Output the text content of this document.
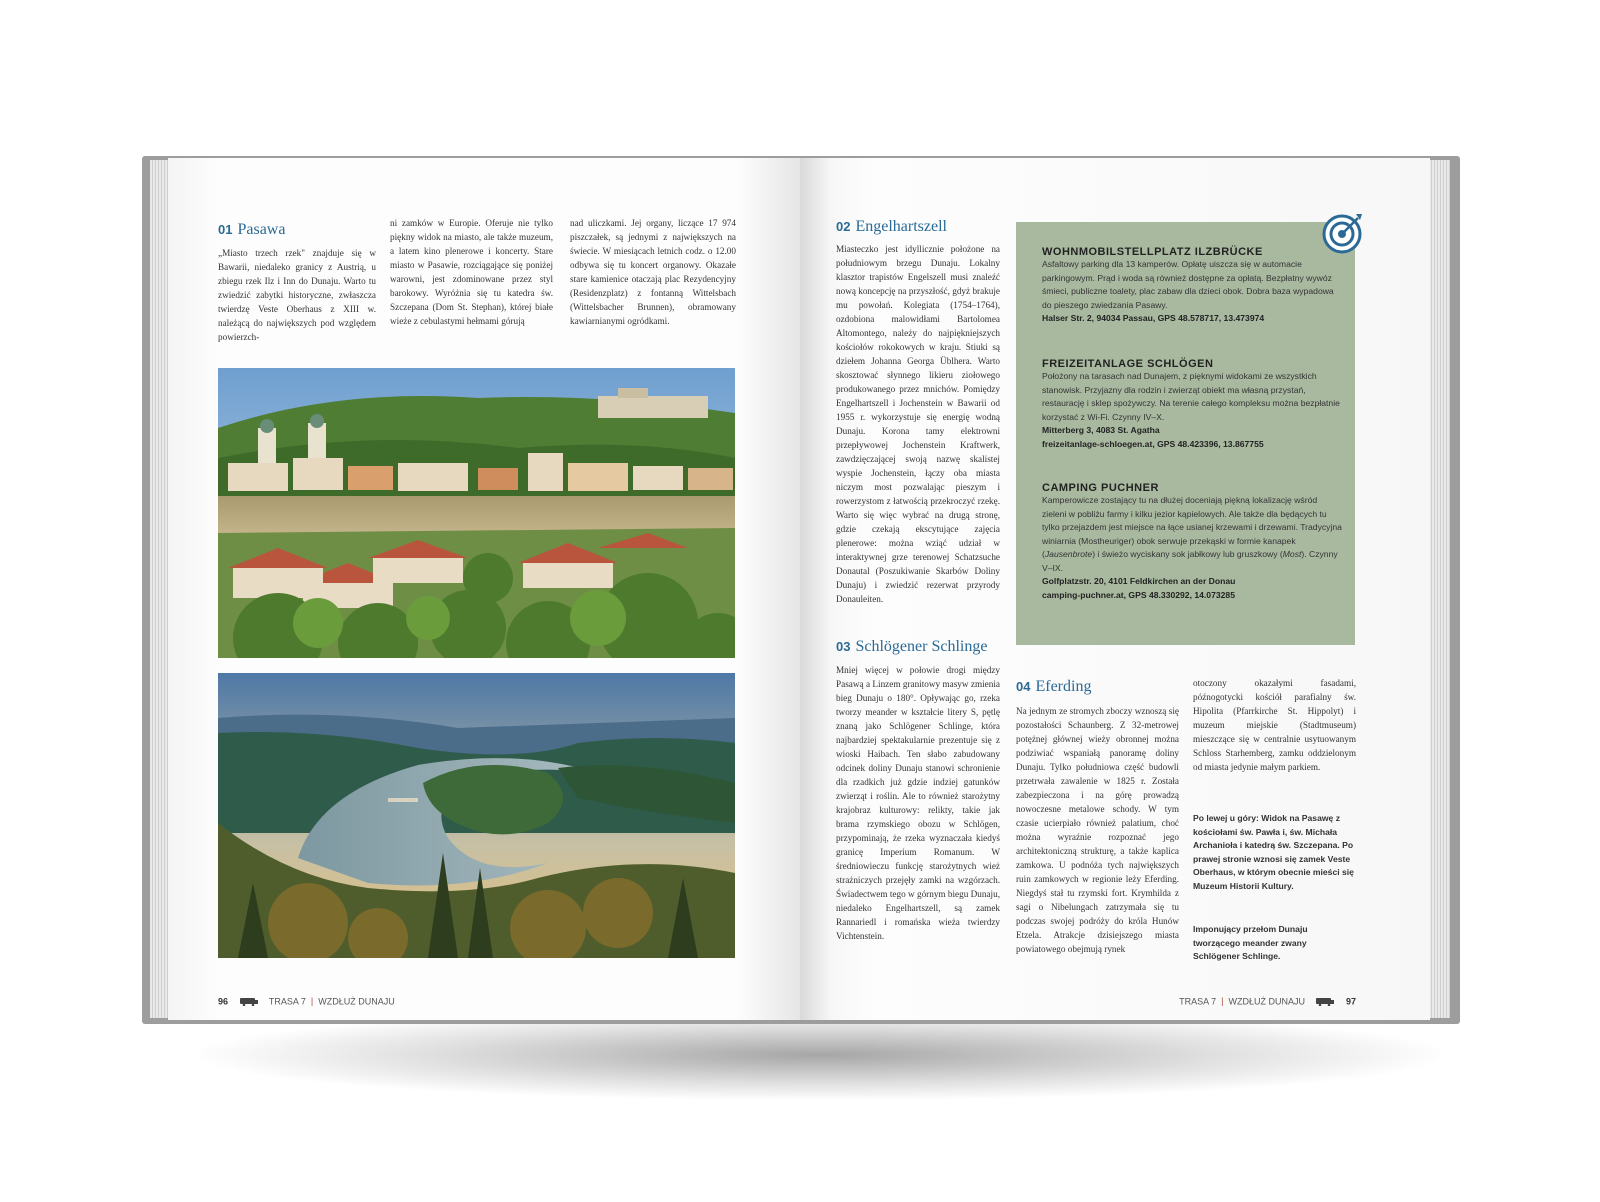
01 Pasawa
„Miasto trzech rzek" znajduje się w Bawarii, niedaleko granicy z Austrią, u zbiegu rzek Ilz i Inn do Dunaju. Warto tu zwiedzić zabytki historyczne, zwłaszcza twierdzę Veste Oberhaus z XIII w. należącą do największych pod względem powierzch-
ni zamków w Europie. Oferuje nie tylko piękny widok na miasto, ale także muzeum, a latem kino plenerowe i koncerty. Stare miasto w Pasawie, rozciągające się poniżej warowni, jest zdominowane przez styl barokowy. Wyróżnia się tu katedra św. Szczepana (Dom St. Stephan), której białe wieże z cebulastymi hełmami górują
nad uliczkami. Jej organy, liczące 17 974 piszczałek, są jednymi z największych na świecie. W miesiącach letnich codz. o 12.00 odbywa się tu koncert organowy. Okazałe stare kamienice otaczają plac Rezydencyjny (Residenzplatz) z fontanną Wittelsbach (Wittelsbacher Brunnen), obramowany kawiarnianymi ogródkami.
96	TRASA 7 | WZDŁUŻ DUNAJU
02 Engelhartszell
Miasteczko jest idyllicznie położone na południowym brzegu Dunaju. Lokalny klasztor trapistów Engelszell musi znaleźć nową koncepcję na przyszłość, gdyż brakuje mu powołań. Kolegiata (1754–1764), ozdobiona malowidłami Bartolomea Altomontego, należy do najpiękniejszych kościołów rokokowych w kraju. Stiuki są dziełem Johanna Georga Üblhera. Warto skosztować słynnego likieru ziołowego produkowanego przez mnichów. Pomiędzy Engelhartszell i Jochenstein w Bawarii od 1955 r. wykorzystuje się energię wodną Dunaju. Korona tamy elektrowni przepływowej Jochenstein Kraftwerk, zawdzięczającej swoją nazwę skalistej wyspie Jochenstein, łączy oba miasta niczym most pozwalając pieszym i rowerzystom z łatwością przekroczyć rzekę. Warto się więc wybrać na drugą stronę, gdzie czekają ekscytujące zajęcia plenerowe: można wziąć udział w interaktywnej grze terenowej Schatzsuche Donautal (Poszukiwanie Skarbów Doliny Dunaju) i zwiedzić rezerwat przyrody Donauleiten.
03 Schlögener Schlinge
Mniej więcej w połowie drogi między Pasawą a Linzem granitowy masyw zmienia bieg Dunaju o 180°. Opływając go, rzeka tworzy meander w kształcie litery S, pętlę znaną jako Schlögener Schlinge, która najbardziej spektakularnie prezentuje się z wioski Haibach. Ten słabo zabudowany odcinek doliny Dunaju stanowi schronienie dla rzadkich już gdzie indziej gatunków zwierząt i roślin. Ale to również starożytny krajobraz kulturowy: relikty, takie jak brama rzymskiego obozu w Schlögen, przypominają, że rzeka wyznaczała kiedyś granicę Imperium Romanum. W średniowieczu funkcję starożytnych wież strażniczych przejęły zamki na wzgórzach. Świadectwem tego w górnym biegu Dunaju, niedaleko Engelhartszell, są zamek Rannariedl i romańska wieża twierdzy Vichtenstein.
WOHNMOBILSTELLPLATZ ILZBRÜCKE
Asfaltowy parking dla 13 kamperów. Opłatę uiszcza się w automacie parkingowym. Prąd i woda są również dostępne za opłatą. Bezpłatny wywóz śmieci, publiczne toalety, plac zabaw dla dzieci obok. Dobra baza wypadowa do pieszego zwiedzania Pasawy.
Halser Str. 2, 94034 Passau, GPS 48.578717, 13.473974
FREIZEITANLAGE SCHLÖGEN
Położony na tarasach nad Dunajem, z pięknymi widokami ze wszystkich stanowisk. Przyjazny dla rodzin i zwierząt obiekt ma własną przystań, restaurację i sklep spożywczy. Na terenie całego kompleksu można bezpłatnie korzystać z Wi-Fi. Czynny IV–X.
Mitterberg 3, 4083 St. Agatha
freizeitanlage-schloegen.at, GPS 48.423396, 13.867755
CAMPING PUCHNER
Kamperowicze zostający tu na dłużej doceniają piękną lokalizację wśród zieleni w pobliżu farmy i kilku jezior kąpielowych. Ale także dla będących tu tylko przejazdem jest miejsce na łące usianej krzewami i drzewami. Tradycyjna winiarnia (Mostheuriger) obok serwuje przekąski w formie kanapek (Jausenbrote) i świeżo wyciskany sok jabłkowy lub gruszkowy (Most). Czynny V–IX.
Golfplatzstr. 20, 4101 Feldkirchen an der Donau
camping-puchner.at, GPS 48.330292, 14.073285
04 Eferding
Na jednym ze stromych zboczy wznoszą się pozostałości Schaunberg. Z 32-metrowej potężnej głównej wieży obronnej można podziwiać wspaniałą panoramę doliny Dunaju. Tylko południowa część budowli przetrwała zawalenie w 1825 r. Została zabezpieczona i na górę prowadzą nowoczesne metalowe schody. W tym czasie ucierpiało również palatium, choć można wyraźnie rozpoznać jego architektoniczną strukturę, a także kaplica zamkowa. U podnóża tych największych ruin zamkowych w regionie leży Eferding. Niegdyś stał tu rzymski fort. Krymhilda z sagi o Nibelungach zatrzymała się tu podczas swojej podróży do króla Hunów Etzela. Atrakcje dzisiejszego miasta powiatowego obejmują rynek
otoczony okazałymi fasadami, późnogotycki kościół parafialny św. Hipolita (Pfarrkirche St. Hippolyt) i muzeum miejskie (Stadtmuseum) mieszczące się w centralnie usytuowanym Schloss Starhemberg, zamku oddzielonym od miasta jedynie małym parkiem.
Po lewej u góry: Widok na Pasawę z kościołami św. Pawła i, św. Michała Archanioła i katedrą św. Szczepana. Po prawej stronie wznosi się zamek Veste Oberhaus, w którym obecnie mieści się Muzeum Historii Kultury.
Imponujący przełom Dunaju tworzącego meander zwany Schlögener Schlinge.
TRASA 7 | WZDŁUŻ DUNAJU	97
